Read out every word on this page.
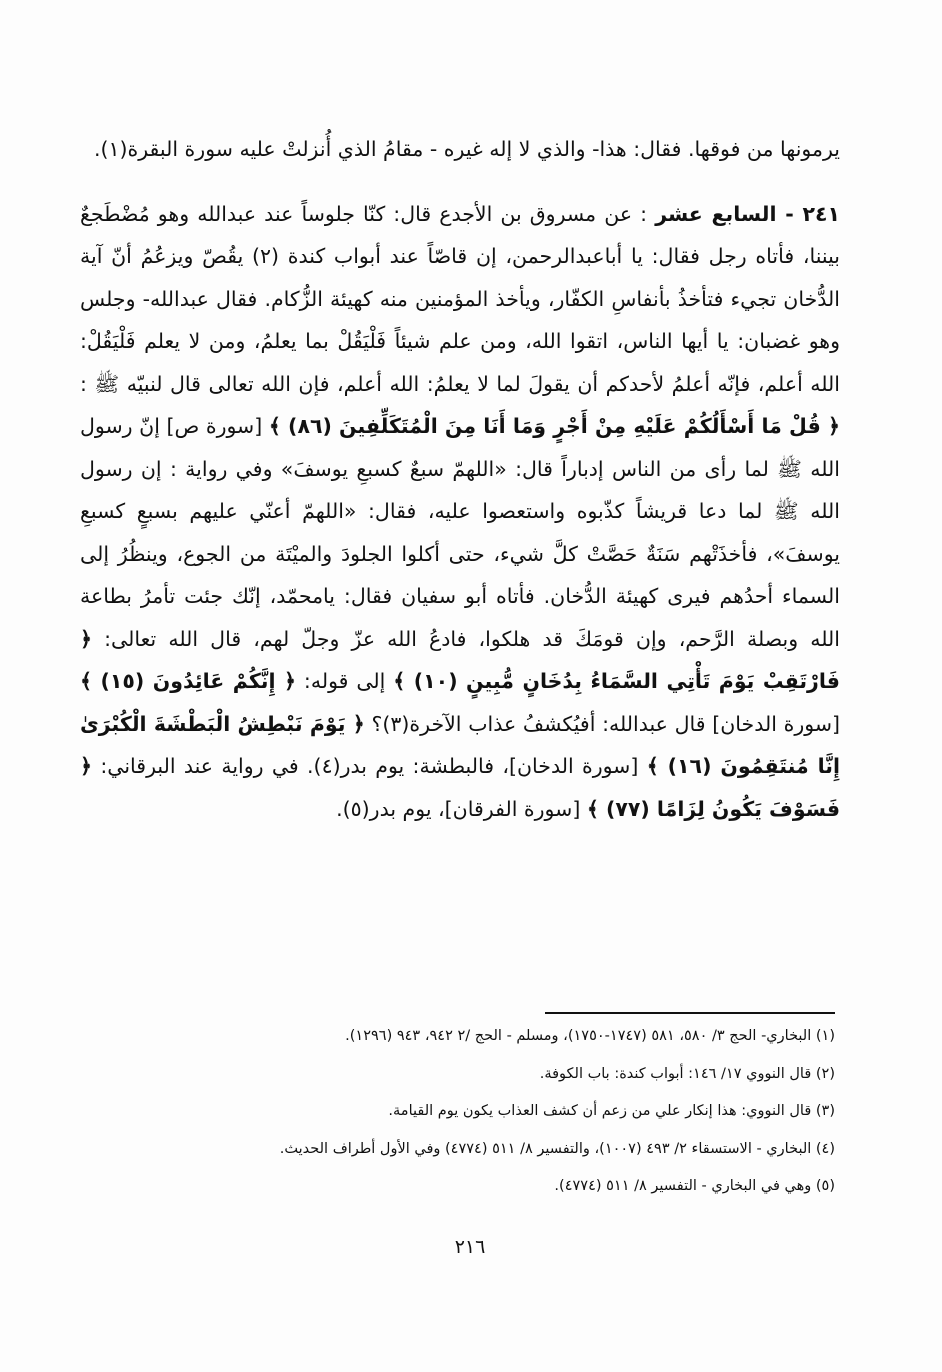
يرمونها من فوقها. فقال: هذا- والذي لا إله غيره - مقامُ الذي أُنزلتْ عليه سورة البقرة(١).

٢٤١ - السابع عشر : عن مسروق بن الأجدع قال: كنّا جلوساً عند عبدالله وهو مُضْطَجعٌ بيننا، فأتاه رجل فقال: يا أباعبدالرحمن، إن قاصّاً عند أبواب كندة (٢) يقُصّ ويزعُمُ أنّ آية الدُّخان تجيء فتأخذُ بأنفاسِ الكفّار، ويأخذ المؤمنين منه كهيئة الزُّكام. فقال عبدالله- وجلس وهو غضبان: يا أيها الناس، اتقوا الله، ومن علم شيئاً فَلْيَقُلْ بما يعلمُ، ومن لا يعلم فَلْيَقُلْ: الله أعلم، فإنّه أعلمُ لأحدكم أن يقولَ لما لا يعلمُ: الله أعلم، فإن الله تعالى قال لنبيّه ﷺ : ﴿ قُلْ مَا أَسْأَلُكُمْ عَلَيْهِ مِنْ أَجْرٍ وَمَا أَنَا مِنَ الْمُتَكَلِّفِينَ (٨٦) ﴾ [سورة ص] إنّ رسول الله ﷺ لما رأى من الناس إدباراً قال: «اللهمّ سبعٌ كسبعِ يوسفَ» وفي رواية : إن رسول الله ﷺ لما دعا قريشاً كذّبوه واستعصوا عليه، فقال: «اللهمّ أعنّي عليهم بسبعٍ كسبعِ يوسفَ»، فأخذَتْهم سَنَةٌ حَصَّتْ كلَّ شيء، حتى أكلوا الجلودَ والميْتَة من الجوع، وينظُرُ إلى السماء أحدُهم فيرى كهيئة الدُّخان. فأتاه أبو سفيان فقال: يامحمّد، إنّك جئت تأمرُ بطاعة الله وبصلة الرَّحم، وإن قومَكَ قد هلكوا، فادعُ الله عزّ وجلّ لهم، قال الله تعالى: ﴿ فَارْتَقِبْ يَوْمَ تَأْتِي السَّمَاءُ بِدُخَانٍ مُّبِينٍ (١٠) ﴾ إلى قوله: ﴿ إِنَّكُمْ عَائِدُونَ (١٥) ﴾ [سورة الدخان] قال عبدالله: أفيُكشفُ عذاب الآخرة(٣)؟ ﴿ يَوْمَ نَبْطِشُ الْبَطْشَةَ الْكُبْرَىٰ إِنَّا مُنتَقِمُونَ (١٦) ﴾ [سورة الدخان]، فالبطشة: يوم بدر(٤). في رواية عند البرقاني: ﴿ فَسَوْفَ يَكُونُ لِزَامًا (٧٧) ﴾ [سورة الفرقان]، يوم بدر(٥).

(١) البخاري- الحج ٣/ ٥٨٠، ٥٨١ (١٧٤٧-١٧٥٠)، ومسلم - الحج /٢ ٩٤٢، ٩٤٣ (١٢٩٦).
(٢) قال النووي ١٧/ ١٤٦: أبواب كندة: باب الكوفة.
(٣) قال النووي: هذا إنكار علي من زعم أن كشف العذاب يكون يوم القيامة.
(٤) البخاري - الاستسقاء ٢/ ٤٩٣ (١٠٠٧)، والتفسير ٨/ ٥١١ (٤٧٧٤) وفي الأول أطراف الحديث.
(٥) وهي في البخاري - التفسير ٨/ ٥١١ (٤٧٧٤).
٢١٦
